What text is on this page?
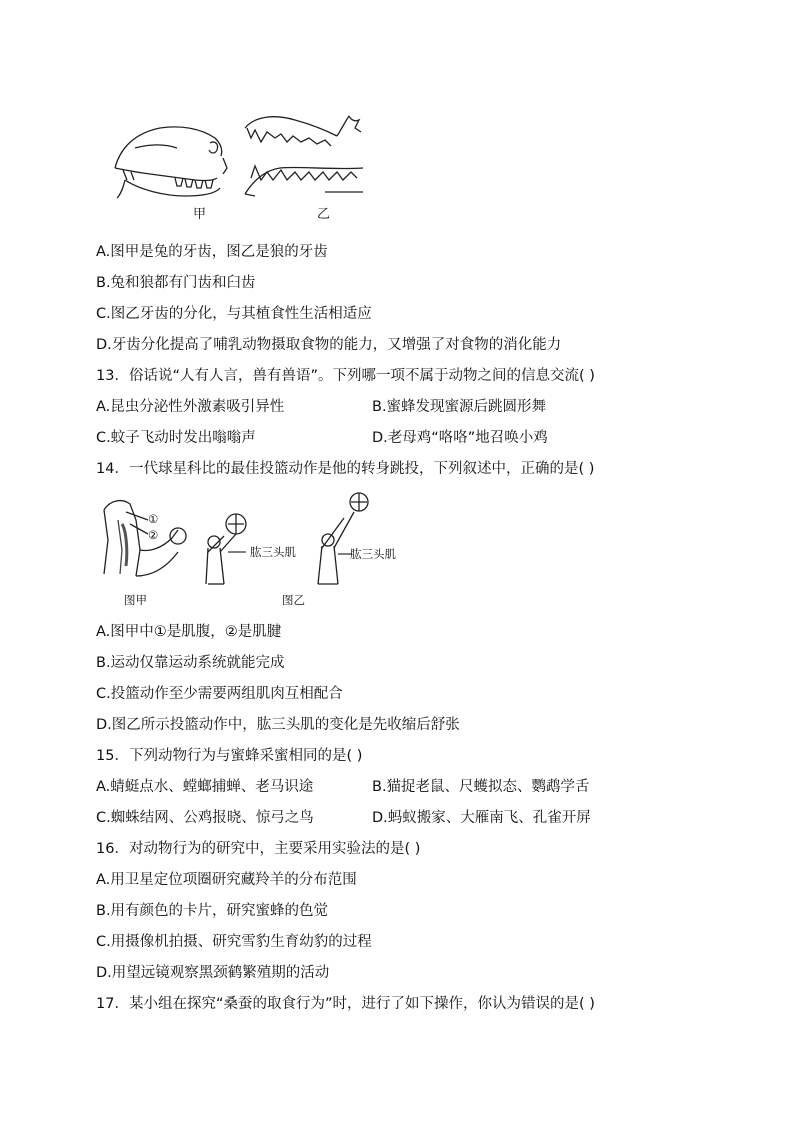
甲	乙
A.图甲是兔的牙齿，图乙是狼的牙齿
B.兔和狼都有门齿和臼齿
C.图乙牙齿的分化，与其植食性生活相适应
D.牙齿分化提高了哺乳动物摄取食物的能力，又增强了对食物的消化能力
13．俗话说“人有人言，兽有兽语”。下列哪一项不属于动物之间的信息交流( )
A.昆虫分泌性外激素吸引异性	B.蜜蜂发现蜜源后跳圆形舞
C.蚊子飞动时发出嗡嗡声	D.老母鸡“咯咯”地召唤小鸡
14．一代球星科比的最佳投篮动作是他的转身跳投，下列叙述中，正确的是( )
①
②
肱三头肌	肱三头肌
图甲	图乙
A.图甲中①是肌腹，②是肌腱
B.运动仅靠运动系统就能完成
C.投篮动作至少需要两组肌肉互相配合
D.图乙所示投篮动作中，肱三头肌的变化是先收缩后舒张
15．下列动物行为与蜜蜂采蜜相同的是( )
A.蜻蜓点水、螳螂捕蝉、老马识途	B.猫捉老鼠、尺蠖拟态、鹦鹉学舌
C.蜘蛛结网、公鸡报晓、惊弓之鸟	D.蚂蚁搬家、大雁南飞、孔雀开屏
16．对动物行为的研究中，主要采用实验法的是( )
A.用卫星定位项圈研究藏羚羊的分布范围
B.用有颜色的卡片，研究蜜蜂的色觉
C.用摄像机拍摄、研究雪豹生育幼豹的过程
D.用望远镜观察黑颈鹤繁殖期的活动
17．某小组在探究“桑蚕的取食行为”时，进行了如下操作，你认为错误的是( )
